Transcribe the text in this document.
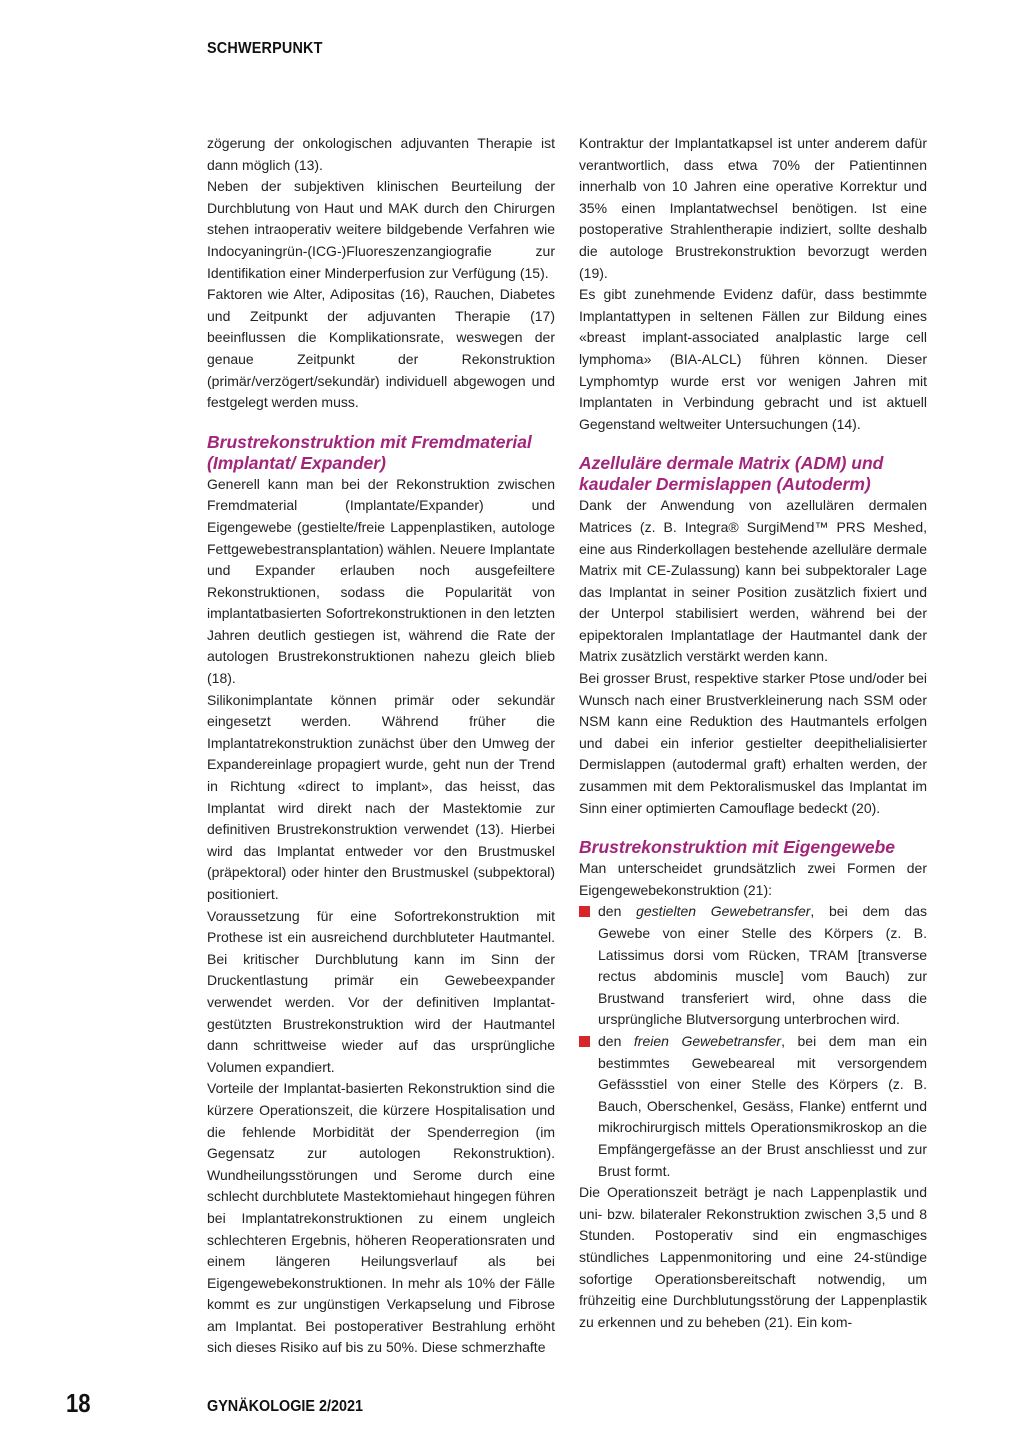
SCHWERPUNKT

zögerung der onkologischen adjuvanten Therapie ist dann möglich (13).

Neben der subjektiven klinischen Beurteilung der Durchblutung von Haut und MAK durch den Chirurgen stehen intraoperativ weitere bildgebende Verfahren wie Indocyaningrün-(ICG-)Fluoreszenzangiografie zur Identifikation einer Minderperfusion zur Verfügung (15).

Faktoren wie Alter, Adipositas (16), Rauchen, Diabetes und Zeitpunkt der adjuvanten Therapie (17) beeinflussen die Komplikationsrate, weswegen der genaue Zeitpunkt der Rekonstruktion (primär/verzögert/sekundär) individuell abgewogen und festgelegt werden muss.

Brustrekonstruktion mit Fremdmaterial (Implantat/ Expander)

Generell kann man bei der Rekonstruktion zwischen Fremdmaterial (Implantate/Expander) und Eigengewebe (gestielte/freie Lappenplastiken, autologe Fettgewebestransplantation) wählen. Neuere Implantate und Expander erlauben noch ausgefeiltere Rekonstruktionen, sodass die Popularität von implantatbasierten Sofortrekonstruktionen in den letzten Jahren deutlich gestiegen ist, während die Rate der autologen Brustrekonstruktionen nahezu gleich blieb (18).

Silikonimplantate können primär oder sekundär eingesetzt werden. Während früher die Implantatrekonstruktion zunächst über den Umweg der Expandereinlage propagiert wurde, geht nun der Trend in Richtung «direct to implant», das heisst, das Implantat wird direkt nach der Mastektomie zur definitiven Brustrekonstruktion verwendet (13). Hierbei wird das Implantat entweder vor den Brustmuskel (präpektoral) oder hinter den Brustmuskel (subpektoral) positioniert.

Voraussetzung für eine Sofortrekonstruktion mit Prothese ist ein ausreichend durchbluteter Hautmantel. Bei kritischer Durchblutung kann im Sinn der Druckentlastung primär ein Gewebeexpander verwendet werden. Vor der definitiven Implantat-gestützten Brustrekonstruktion wird der Hautmantel dann schrittweise wieder auf das ursprüngliche Volumen expandiert.

Vorteile der Implantat-basierten Rekonstruktion sind die kürzere Operationszeit, die kürzere Hospitalisation und die fehlende Morbidität der Spenderregion (im Gegensatz zur autologen Rekonstruktion). Wundheilungsstörungen und Serome durch eine schlecht durchblutete Mastektomiehaut hingegen führen bei Implantatrekonstruktionen zu einem ungleich schlechteren Ergebnis, höheren Reoperationsraten und einem längeren Heilungsverlauf als bei Eigengewebekonstruktionen. In mehr als 10% der Fälle kommt es zur ungünstigen Verkapselung und Fibrose am Implantat. Bei postoperativer Bestrahlung erhöht sich dieses Risiko auf bis zu 50%. Diese schmerzhafte

Kontraktur der Implantatkapsel ist unter anderem dafür verantwortlich, dass etwa 70% der Patientinnen innerhalb von 10 Jahren eine operative Korrektur und 35% einen Implantatwechsel benötigen. Ist eine postoperative Strahlentherapie indiziert, sollte deshalb die autologe Brustrekonstruktion bevorzugt werden (19).

Es gibt zunehmende Evidenz dafür, dass bestimmte Implantattypen in seltenen Fällen zur Bildung eines «breast implant-associated analplastic large cell lymphoma» (BIA-ALCL) führen können. Dieser Lymphomtyp wurde erst vor wenigen Jahren mit Implantaten in Verbindung gebracht und ist aktuell Gegenstand weltweiter Untersuchungen (14).

Azelluläre dermale Matrix (ADM) und kaudaler Dermislappen (Autoderm)

Dank der Anwendung von azellulären dermalen Matrices (z. B. Integra® SurgiMend™ PRS Meshed, eine aus Rinderkollagen bestehende azelluläre dermale Matrix mit CE-Zulassung) kann bei subpektoraler Lage das Implantat in seiner Position zusätzlich fixiert und der Unterpol stabilisiert werden, während bei der epipektoralen Implantatlage der Hautmantel dank der Matrix zusätzlich verstärkt werden kann.

Bei grosser Brust, respektive starker Ptose und/oder bei Wunsch nach einer Brustverkleinerung nach SSM oder NSM kann eine Reduktion des Hautmantels erfolgen und dabei ein inferior gestielter deepithelialisierter Dermislappen (autodermal graft) erhalten werden, der zusammen mit dem Pektoralismuskel das Implantat im Sinn einer optimierten Camouflage bedeckt (20).

Brustrekonstruktion mit Eigengewebe

Man unterscheidet grundsätzlich zwei Formen der Eigengewebekonstruktion (21):

den gestielten Gewebetransfer, bei dem das Gewebe von einer Stelle des Körpers (z. B. Latissimus dorsi vom Rücken, TRAM [transverse rectus abdominis muscle] vom Bauch) zur Brustwand transferiert wird, ohne dass die ursprüngliche Blutversorgung unterbrochen wird.
den freien Gewebetransfer, bei dem man ein bestimmtes Gewebeareal mit versorgendem Gefässstiel von einer Stelle des Körpers (z. B. Bauch, Oberschenkel, Gesäss, Flanke) entfernt und mikrochirurgisch mittels Operationsmikroskop an die Empfängergefässe an der Brust anschliesst und zur Brust formt.

Die Operationszeit beträgt je nach Lappenplastik und uni- bzw. bilateraler Rekonstruktion zwischen 3,5 und 8 Stunden. Postoperativ sind ein engmaschiges stündliches Lappenmonitoring und eine 24-stündige sofortige Operationsbereitschaft notwendig, um frühzeitig eine Durchblutungsstörung der Lappenplastik zu erkennen und zu beheben (21). Ein kom-

18	GYNÄKOLOGIE 2/2021
